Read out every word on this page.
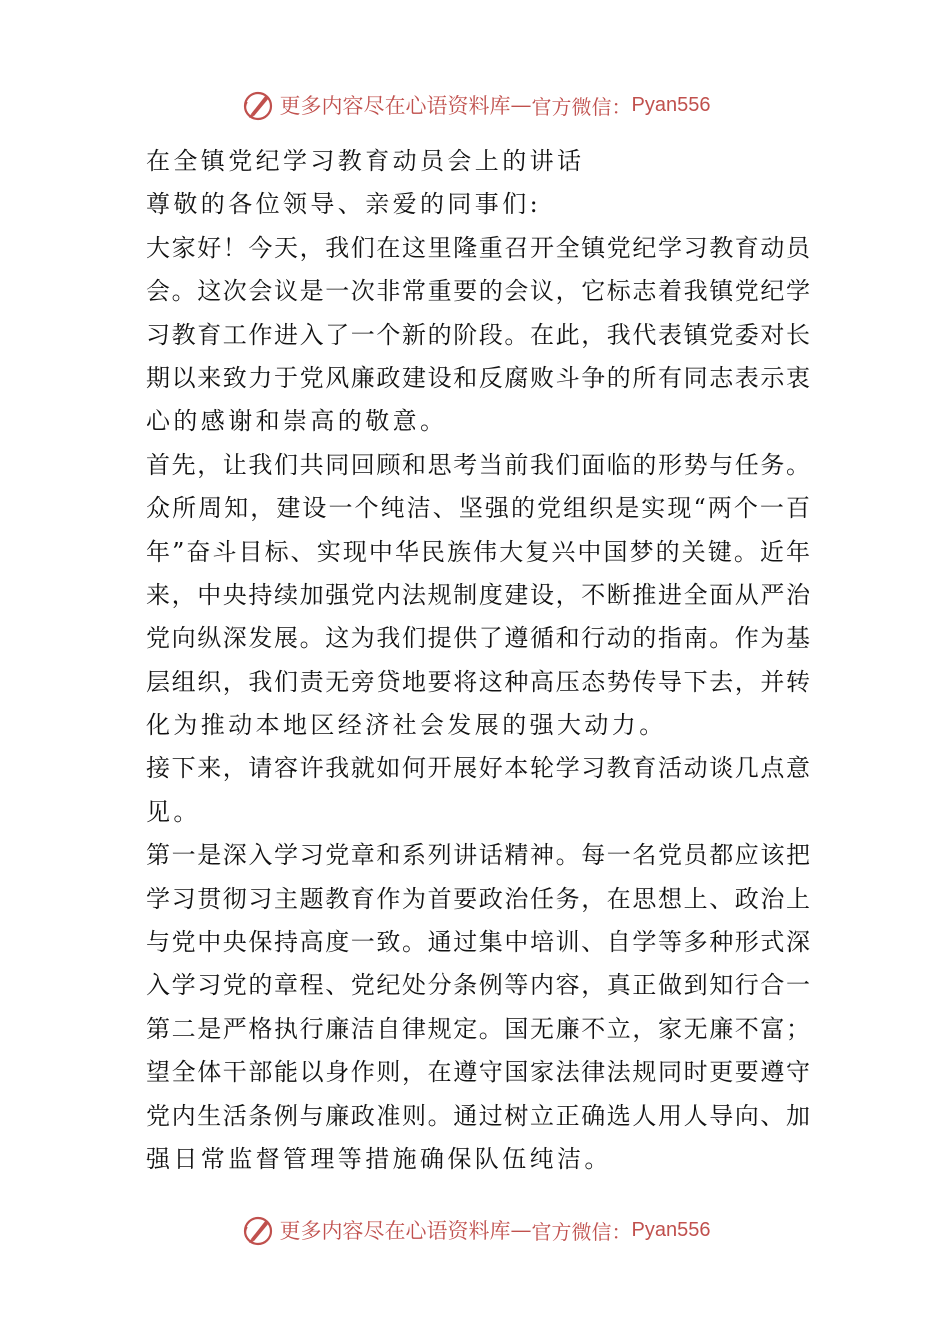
更多内容尽在心语资料库 — 官方微信： Pyan556
在全镇党纪学习教育动员会上的讲话
尊敬的各位领导、亲爱的同事们:
大家好！今天，我们在这里隆重召开全镇党纪学习教育动员
会。这次会议是一次非常重要的会议，它标志着我镇党纪学
习教育工作进入了一个新的阶段。在此，我代表镇党委对长
期以来致力于党风廉政建设和反腐败斗争的所有同志表示衷
心的感谢和崇高的敬意。
首先，让我们共同回顾和思考当前我们面临的形势与任务。
众所周知，建设一个纯洁、坚强的党组织是实现“两个一百
年”奋斗目标、实现中华民族伟大复兴中国梦的关键。近年
来，中央持续加强党内法规制度建设，不断推进全面从严治
党向纵深发展。这为我们提供了遵循和行动的指南。作为基
层组织，我们责无旁贷地要将这种高压态势传导下去，并转
化为推动本地区经济社会发展的强大动力。
接下来，请容许我就如何开展好本轮学习教育活动谈几点意
见。
第一是深入学习党章和系列讲话精神。每一名党员都应该把
学习贯彻习主题教育作为首要政治任务，在思想上、政治上
与党中央保持高度一致。通过集中培训、自学等多种形式深
入学习党的章程、党纪处分条例等内容，真正做到知行合一
第二是严格执行廉洁自律规定。国无廉不立，家无廉不富；
望全体干部能以身作则，在遵守国家法律法规同时更要遵守
党内生活条例与廉政准则。通过树立正确选人用人导向、加
强日常监督管理等措施确保队伍纯洁。
更多内容尽在心语资料库 — 官方微信： Pyan556
